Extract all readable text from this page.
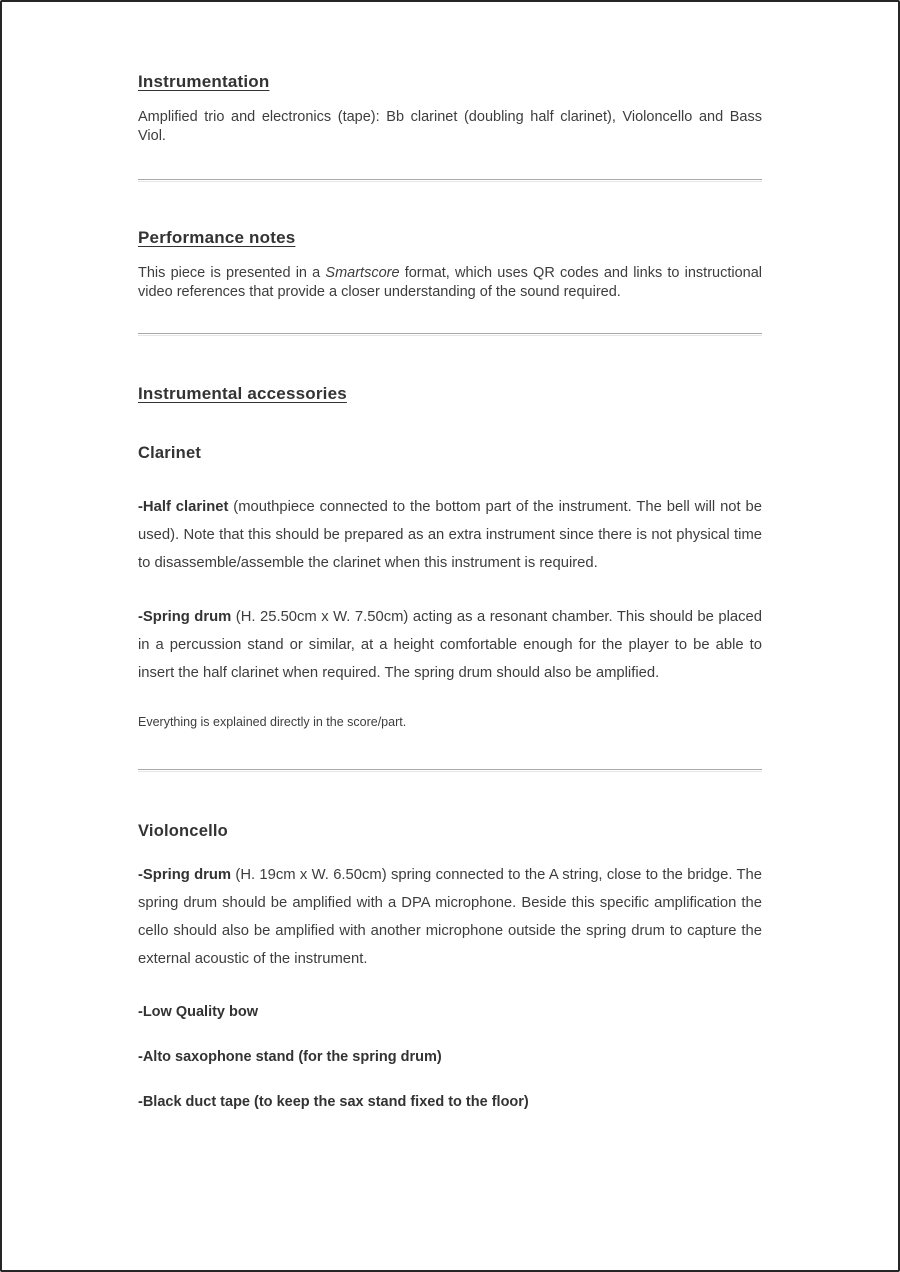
Instrumentation

Amplified trio and electronics (tape): Bb clarinet (doubling half clarinet), Violoncello and Bass Viol.

Performance notes

This piece is presented in a Smartscore format, which uses QR codes and links to instructional video references that provide a closer understanding of the sound required.

Instrumental accessories
Clarinet

-Half clarinet (mouthpiece connected to the bottom part of the instrument. The bell will not be used). Note that this should be prepared as an extra instrument since there is not physical time to disassemble/assemble the clarinet when this instrument is required.

-Spring drum (H. 25.50cm x W. 7.50cm) acting as a resonant chamber. This should be placed in a percussion stand or similar, at a height comfortable enough for the player to be able to insert the half clarinet when required. The spring drum should also be amplified.

Everything is explained directly in the score/part.

Violoncello

-Spring drum (H. 19cm x W. 6.50cm) spring connected to the A string, close to the bridge. The spring drum should be amplified with a DPA microphone. Beside this specific amplification the cello should also be amplified with another microphone outside the spring drum to capture the external acoustic of the instrument.

-Low Quality bow

-Alto saxophone stand (for the spring drum)

-Black duct tape (to keep the sax stand fixed to the floor)
